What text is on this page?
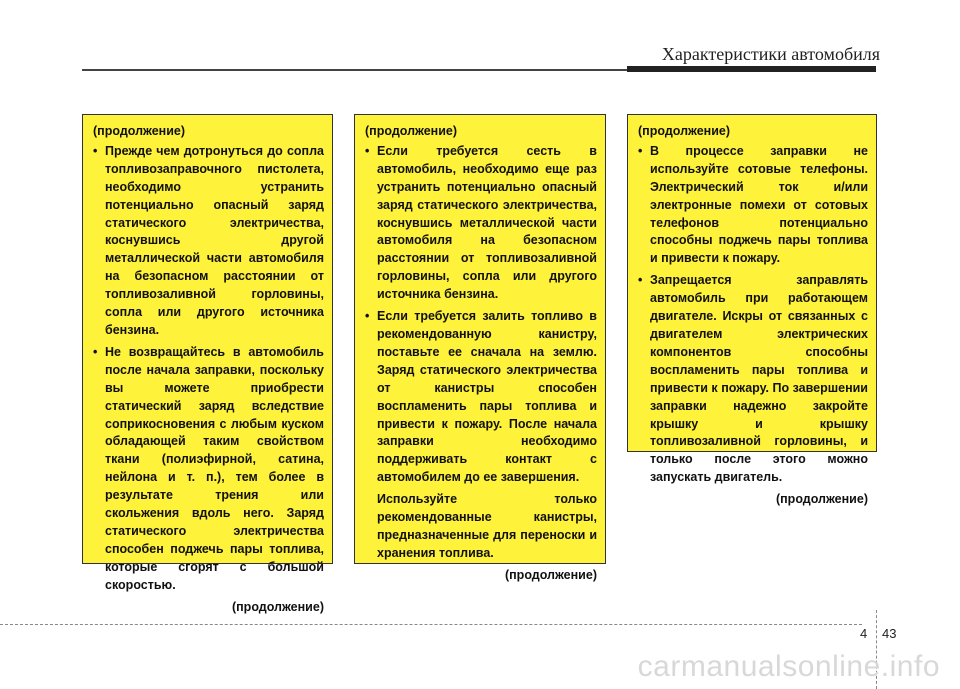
Характеристики автомобиля
(продолжение)
• Прежде чем дотронуться до сопла топливозаправочного пистолета, необходимо устранить потенциально опасный заряд статического электричества, коснувшись другой металлической части автомобиля на безопасном расстоянии от топливозаливной горловины, сопла или другого источника бензина.
• Не возвращайтесь в автомобиль после начала заправки, поскольку вы можете приобрести статический заряд вследствие соприкосновения с любым куском обладающей таким свойством ткани (полиэфирной, сатина, нейлона и т. п.), тем более в результате трения или скольжения вдоль него. Заряд статического электричества способен поджечь пары топлива, которые сгорят с большой скоростью.
(продолжение)
(продолжение)
• Если требуется сесть в автомобиль, необходимо еще раз устранить потенциально опасный заряд статического электричества, коснувшись металлической части автомобиля на безопасном расстоянии от топливозаливной горловины, сопла или другого источника бензина.
• Если требуется залить топливо в рекомендованную канистру, поставьте ее сначала на землю. Заряд статического электричества от канистры способен воспламенить пары топлива и привести к пожару. После начала заправки необходимо поддерживать контакт с автомобилем до ее завершения.
Используйте только рекомендованные канистры, предназначенные для переноски и хранения топлива.
(продолжение)
(продолжение)
• В процессе заправки не используйте сотовые телефоны. Электрический ток и/или электронные помехи от сотовых телефонов потенциально способны поджечь пары топлива и привести к пожару.
• Запрещается заправлять автомобиль при работающем двигателе. Искры от связанных с двигателем электрических компонентов способны воспламенить пары топлива и привести к пожару. По завершении заправки надежно закройте крышку и крышку топливозаливной горловины, и только после этого можно запускать двигатель.
(продолжение)
4 43
carmanualsonline.info
